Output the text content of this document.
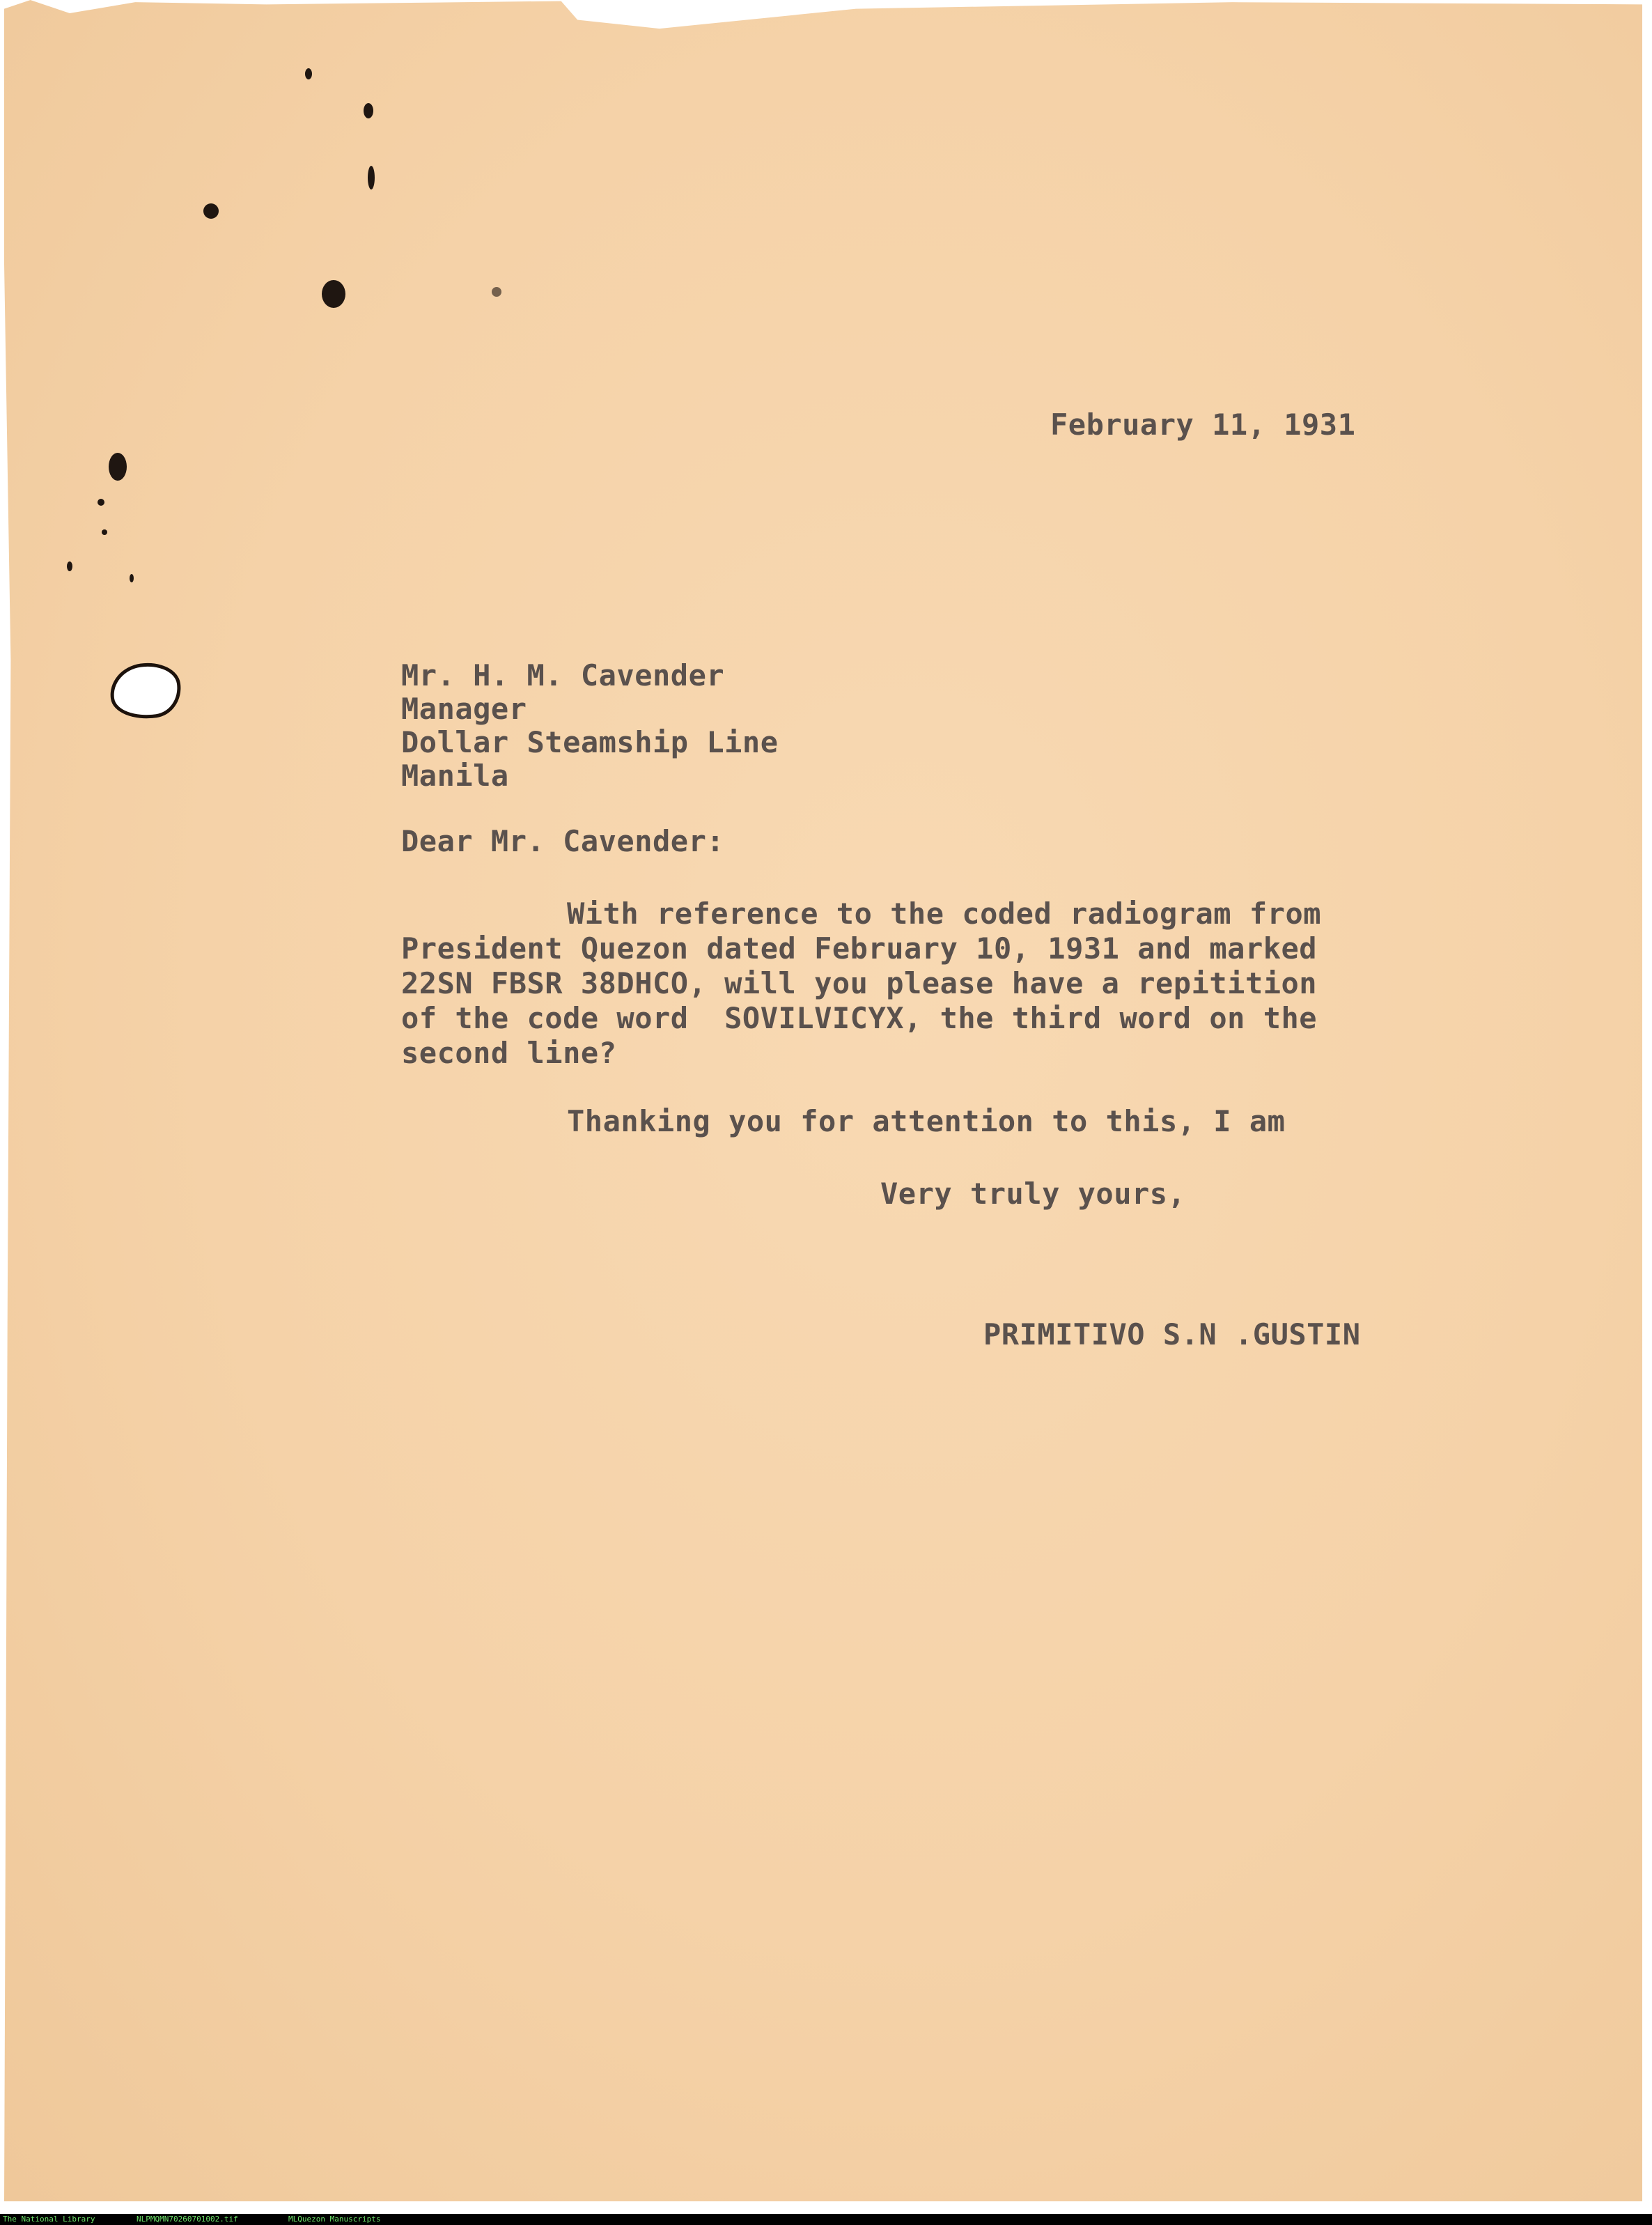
February 11, 1931
Mr. H. M. Cavender
Manager
Dollar Steamship Line
Manila
Dear Mr. Cavender:
With reference to the coded radiogram from
President Quezon dated February 10, 1931 and marked
22SN FBSR 38DHCO, will you please have a repitition
of the code word  SOVILVICYX, the third word on the
second line?
Thanking you for attention to this, I am
Very truly yours,
PRIMITIVO S.N .GUSTIN
The National Library	NLPMQMN70260701002.tif	MLQuezon Manuscripts
